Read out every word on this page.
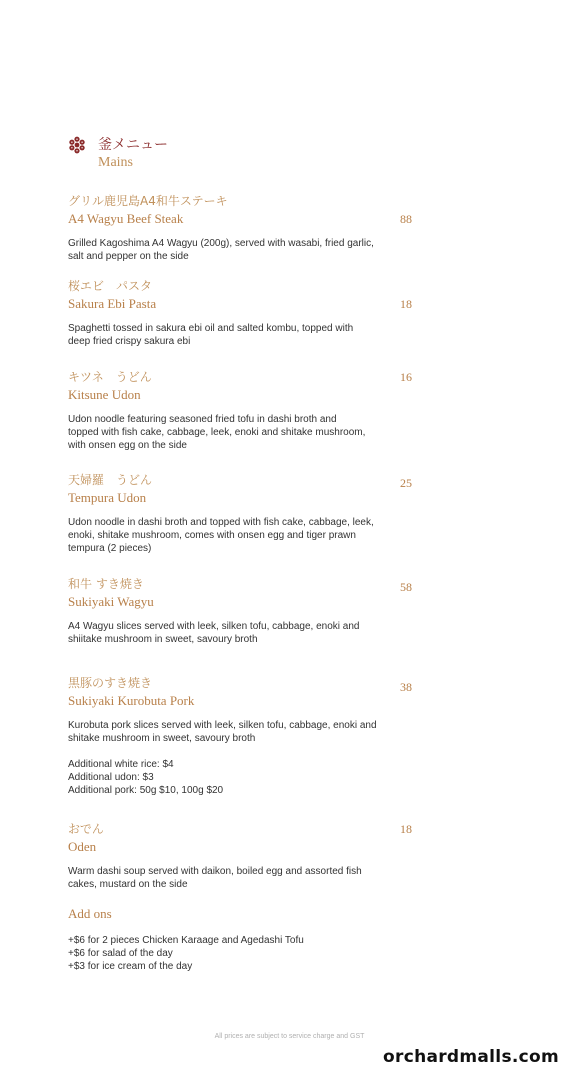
釜メニュー
Mains
グリル鹿児島A4和牛ステーキ
A4 Wagyu Beef Steak
Grilled Kagoshima A4 Wagyu (200g), served with wasabi, fried garlic,
salt and pepper on the side
88
桜エビ　パスタ
Sakura Ebi Pasta
Spaghetti tossed in sakura ebi oil and salted kombu, topped with
deep fried crispy sakura ebi
18
キツネ　うどん
Kitsune Udon
Udon noodle featuring seasoned fried tofu in dashi broth and
topped with fish cake, cabbage, leek, enoki and shitake mushroom,
with onsen egg on the side
16
天婦羅　うどん
Tempura Udon
Udon noodle in dashi broth and topped with fish cake, cabbage, leek,
enoki, shitake mushroom, comes with onsen egg and tiger prawn
tempura (2 pieces)
25
和牛 すき焼き
Sukiyaki Wagyu
A4 Wagyu slices served with leek, silken tofu, cabbage, enoki and
shiitake mushroom in sweet, savoury broth
58
黒豚のすき焼き
Sukiyaki Kurobuta Pork
Kurobuta pork slices served with leek, silken tofu, cabbage, enoki and
shitake mushroom in sweet, savoury broth
Additional white rice: $4
Additional udon: $3
Additional pork: 50g $10, 100g $20
38
おでん
Oden
Warm dashi soup served with daikon, boiled egg and assorted fish
cakes, mustard on the side
18
Add ons
+$6 for 2 pieces Chicken Karaage and Agedashi Tofu
+$6 for salad of the day
+$3 for ice cream of the day
All prices are subject to service charge and GST
orchardmalls.com
